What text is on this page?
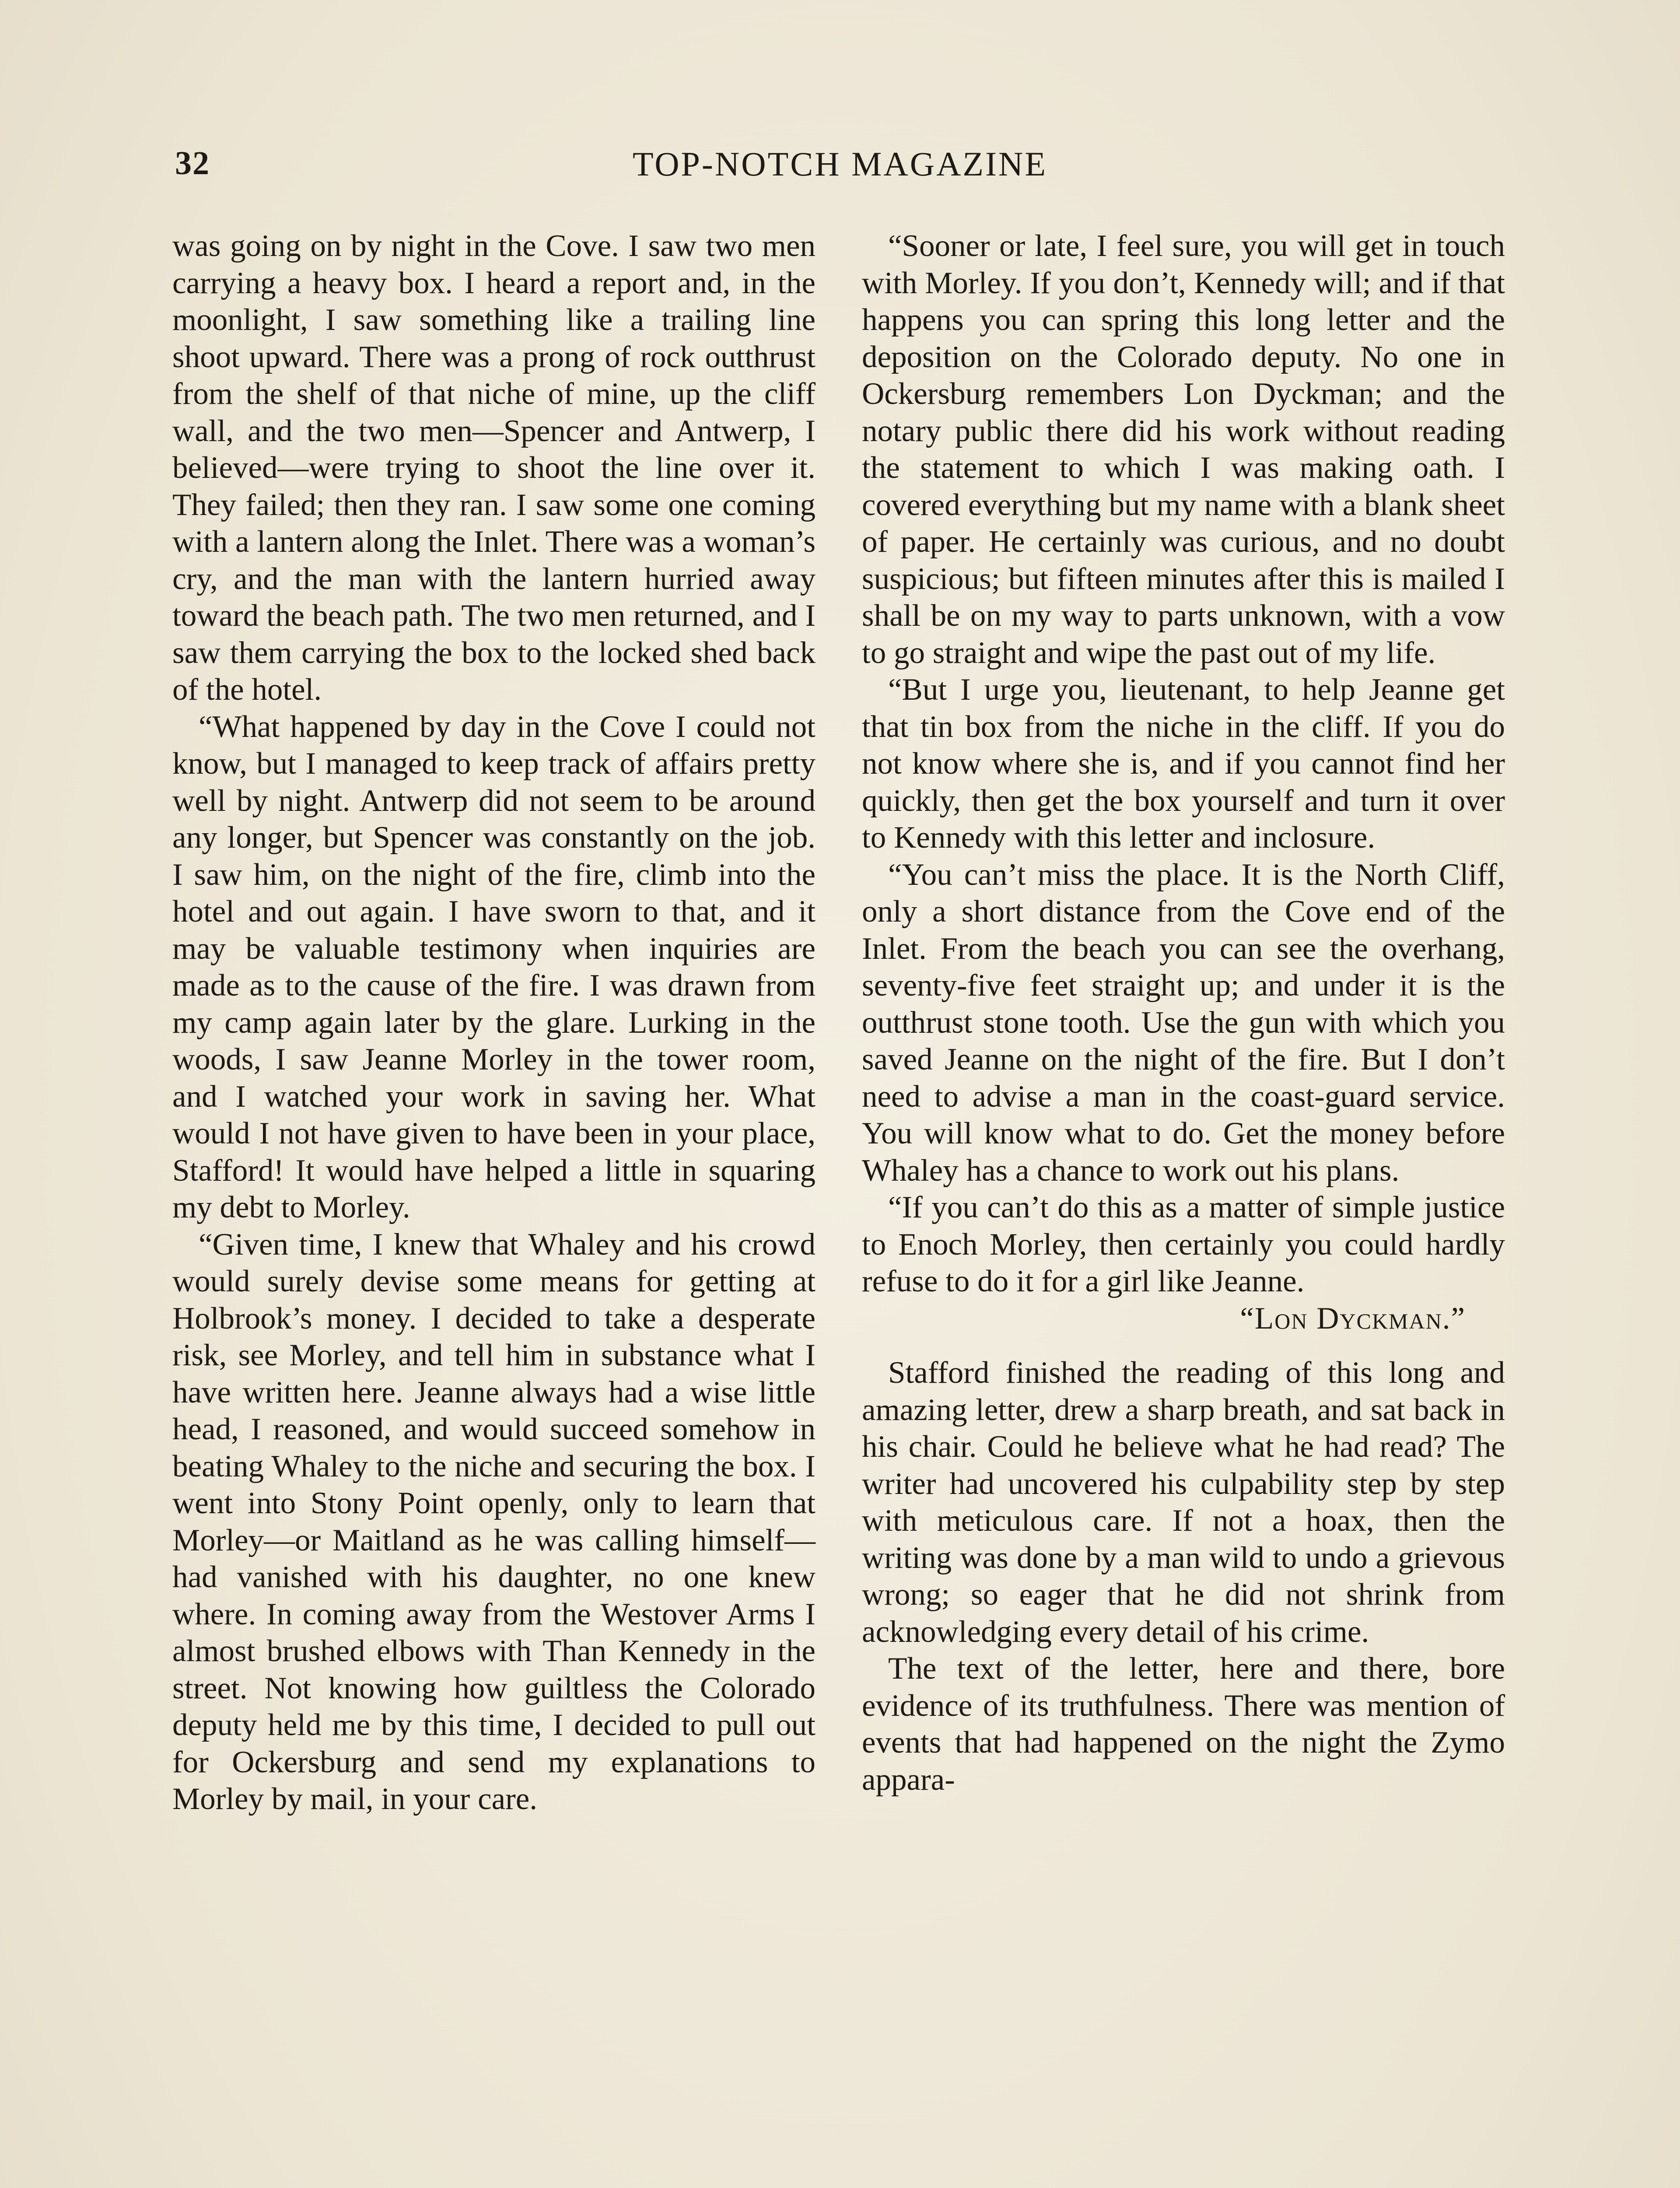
32	TOP-NOTCH MAGAZINE

was going on by night in the Cove. I saw two men carrying a heavy box. I heard a report and, in the moonlight, I saw something like a trailing line shoot upward. There was a prong of rock outthrust from the shelf of that niche of mine, up the cliff wall, and the two men—Spencer and Antwerp, I believed—were trying to shoot the line over it. They failed; then they ran. I saw some one coming with a lantern along the Inlet. There was a woman’s cry, and the man with the lantern hurried away toward the beach path. The two men returned, and I saw them carrying the box to the locked shed back of the hotel.

“What happened by day in the Cove I could not know, but I managed to keep track of affairs pretty well by night. Antwerp did not seem to be around any longer, but Spencer was constantly on the job. I saw him, on the night of the fire, climb into the hotel and out again. I have sworn to that, and it may be valuable testimony when inquiries are made as to the cause of the fire. I was drawn from my camp again later by the glare. Lurking in the woods, I saw Jeanne Morley in the tower room, and I watched your work in saving her. What would I not have given to have been in your place, Stafford! It would have helped a little in squaring my debt to Morley.

“Given time, I knew that Whaley and his crowd would surely devise some means for getting at Holbrook’s money. I decided to take a desperate risk, see Morley, and tell him in substance what I have written here. Jeanne always had a wise little head, I reasoned, and would succeed somehow in beating Whaley to the niche and securing the box. I went into Stony Point openly, only to learn that Morley—or Maitland as he was calling himself—had vanished with his daughter, no one knew where. In coming away from the Westover Arms I almost brushed elbows with Than Kennedy in the street. Not knowing how guiltless the Colorado deputy held me by this time, I decided to pull out for Ockersburg and send my explanations to Morley by mail, in your care.

“Sooner or late, I feel sure, you will get in touch with Morley. If you don’t, Kennedy will; and if that happens you can spring this long letter and the deposition on the Colorado deputy. No one in Ockersburg remembers Lon Dyckman; and the notary public there did his work without reading the statement to which I was making oath. I covered everything but my name with a blank sheet of paper. He certainly was curious, and no doubt suspicious; but fifteen minutes after this is mailed I shall be on my way to parts unknown, with a vow to go straight and wipe the past out of my life.

“But I urge you, lieutenant, to help Jeanne get that tin box from the niche in the cliff. If you do not know where she is, and if you cannot find her quickly, then get the box yourself and turn it over to Kennedy with this letter and inclosure.

“You can’t miss the place. It is the North Cliff, only a short distance from the Cove end of the Inlet. From the beach you can see the overhang, seventy-five feet straight up; and under it is the outthrust stone tooth. Use the gun with which you saved Jeanne on the night of the fire. But I don’t need to advise a man in the coast-guard service. You will know what to do. Get the money before Whaley has a chance to work out his plans.

“If you can’t do this as a matter of simple justice to Enoch Morley, then certainly you could hardly refuse to do it for a girl like Jeanne.

“Lon Dyckman.”

Stafford finished the reading of this long and amazing letter, drew a sharp breath, and sat back in his chair. Could he believe what he had read? The writer had uncovered his culpability step by step with meticulous care. If not a hoax, then the writing was done by a man wild to undo a grievous wrong; so eager that he did not shrink from acknowledging every detail of his crime.

The text of the letter, here and there, bore evidence of its truthfulness. There was mention of events that had happened on the night the Zymo appara-
